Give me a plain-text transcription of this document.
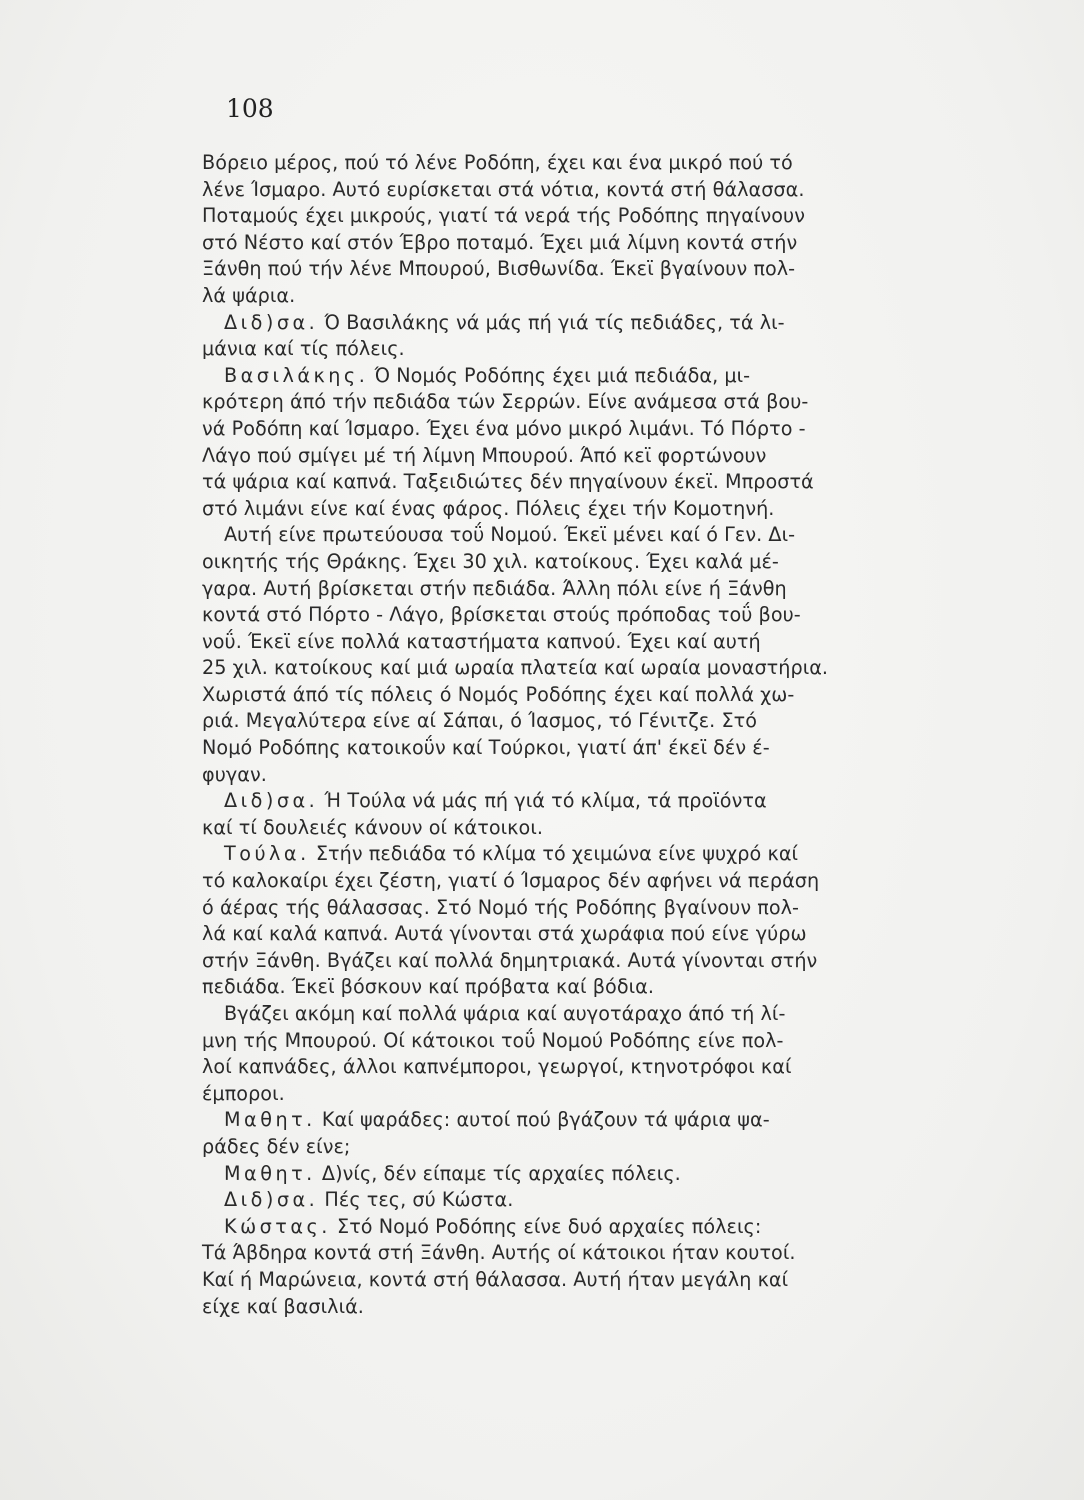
108
Βόρειο μέρος, πού τό λένε Ροδόπη, έχει και ένα μικρό πού τό
λένε Ίσμαρο. Αυτό ευρίσκεται στά νότια, κοντά στή θάλασσα.
Ποταμούς έχει μικρούς, γιατί τά νερά τής Ροδόπης πηγαίνουν
στό Νέστο καί στόν Έβρο ποταμό. Έχει μιά λίμνη κοντά στήν
Ξάνθη πού τήν λένε Μπουρού, Βισθωνίδα. Έκεϊ βγαίνουν πολ-
λά ψάρια.
Διδ)σα. Ό Βασιλάκης νά μάς πή γιά τίς πεδιάδες, τά λι-
μάνια καί τίς πόλεις.
Βασιλάκης. Ό Νομός Ροδόπης έχει μιά πεδιάδα, μι-
κρότερη άπό τήν πεδιάδα τών Σερρών. Είνε ανάμεσα στά βου-
νά Ροδόπη καί Ίσμαρο. Έχει ένα μόνο μικρό λιμάνι. Τό Πόρτο -
Λάγο πού σμίγει μέ τή λίμνη Μπουρού. Άπό κεϊ φορτώνουν
τά ψάρια καί καπνά. Ταξειδιώτες δέν πηγαίνουν έκεϊ. Μπροστά
στό λιμάνι είνε καί ένας φάρος. Πόλεις έχει τήν Κομοτηνή.
Αυτή είνε πρωτεύουσα τοΰ Νομού. Έκεϊ μένει καί ό Γεν. Δι-
οικητής τής Θράκης. Έχει 30 χιλ. κατοίκους. Έχει καλά μέ-
γαρα. Αυτή βρίσκεται στήν πεδιάδα. Άλλη πόλι είνε ή Ξάνθη
κοντά στό Πόρτο - Λάγο, βρίσκεται στούς πρόποδας τοΰ βου-
νοΰ. Έκεϊ είνε πολλά καταστήματα καπνού. Έχει καί αυτή
25 χιλ. κατοίκους καί μιά ωραία πλατεία καί ωραία μοναστήρια.
Χωριστά άπό τίς πόλεις ό Νομός Ροδόπης έχει καί πολλά χω-
ριά. Μεγαλύτερα είνε αί Σάπαι, ό Ίασμος, τό Γένιτζε. Στό
Νομό Ροδόπης κατοικοΰν καί Τούρκοι, γιατί άπ' έκεϊ δέν έ-
φυγαν.
Διδ)σα. Ή Τούλα νά μάς πή γιά τό κλίμα, τά προϊόντα
καί τί δουλειές κάνουν οί κάτοικοι.
Τούλα. Στήν πεδιάδα τό κλίμα τό χειμώνα είνε ψυχρό καί
τό καλοκαίρι έχει ζέστη, γιατί ό Ίσμαρος δέν αφήνει νά περάση
ό άέρας τής θάλασσας. Στό Νομό τής Ροδόπης βγαίνουν πολ-
λά καί καλά καπνά. Αυτά γίνονται στά χωράφια πού είνε γύρω
στήν Ξάνθη. Βγάζει καί πολλά δημητριακά. Αυτά γίνονται στήν
πεδιάδα. Έκεϊ βόσκουν καί πρόβατα καί βόδια.
Βγάζει ακόμη καί πολλά ψάρια καί αυγοτάραχο άπό τή λί-
μνη τής Μπουρού. Οί κάτοικοι τοΰ Νομού Ροδόπης είνε πολ-
λοί καπνάδες, άλλοι καπνέμποροι, γεωργοί, κτηνοτρόφοι καί
έμποροι.
Μαθητ. Καί ψαράδες: αυτοί πού βγάζουν τά ψάρια ψα-
ράδες δέν είνε;
Μαθητ. Δ)νίς, δέν είπαμε τίς αρχαίες πόλεις.
Διδ)σα. Πές τες, σύ Κώστα.
Κώστας. Στό Νομό Ροδόπης είνε δυό αρχαίες πόλεις:
Τά Άβδηρα κοντά στή Ξάνθη. Αυτής οί κάτοικοι ήταν κουτοί.
Καί ή Μαρώνεια, κοντά στή θάλασσα. Αυτή ήταν μεγάλη καί
είχε καί βασιλιά.
